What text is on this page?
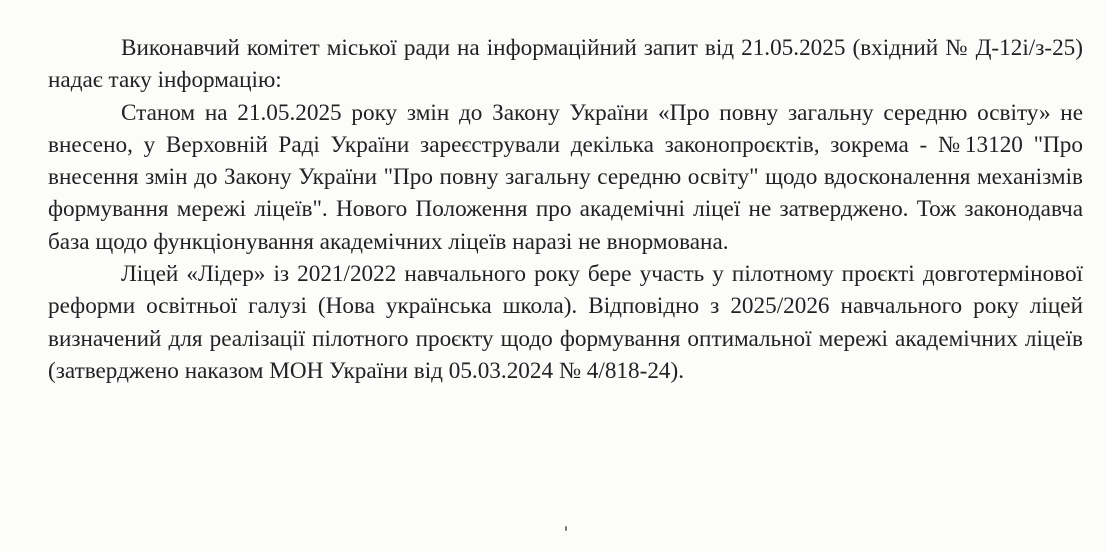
Виконавчий комітет міської ради на інформаційний запит від 21.05.2025 (вхідний № Д-12і/з-25) надає таку інформацію:

Станом на 21.05.2025 року змін до Закону України «Про повну загальну середню освіту» не внесено, у Верховній Раді України зареєстрували декілька законопроєктів, зокрема - №13120 "Про внесення змін до Закону України "Про повну загальну середню освіту" щодо вдосконалення механізмів формування мережі ліцеїв". Нового Положення про академічні ліцеї не затверджено. Тож законодавча база щодо функціонування академічних ліцеїв наразі не внормована.

Ліцей «Лідер» із 2021/2022 навчального року бере участь у пілотному проєкті довготермінової реформи освітньої галузі (Нова українська школа). Відповідно з 2025/2026 навчального року ліцей визначений для реалізації пілотного проєкту щодо формування оптимальної мережі академічних ліцеїв (затверджено наказом МОН України від 05.03.2024 № 4/818-24).
